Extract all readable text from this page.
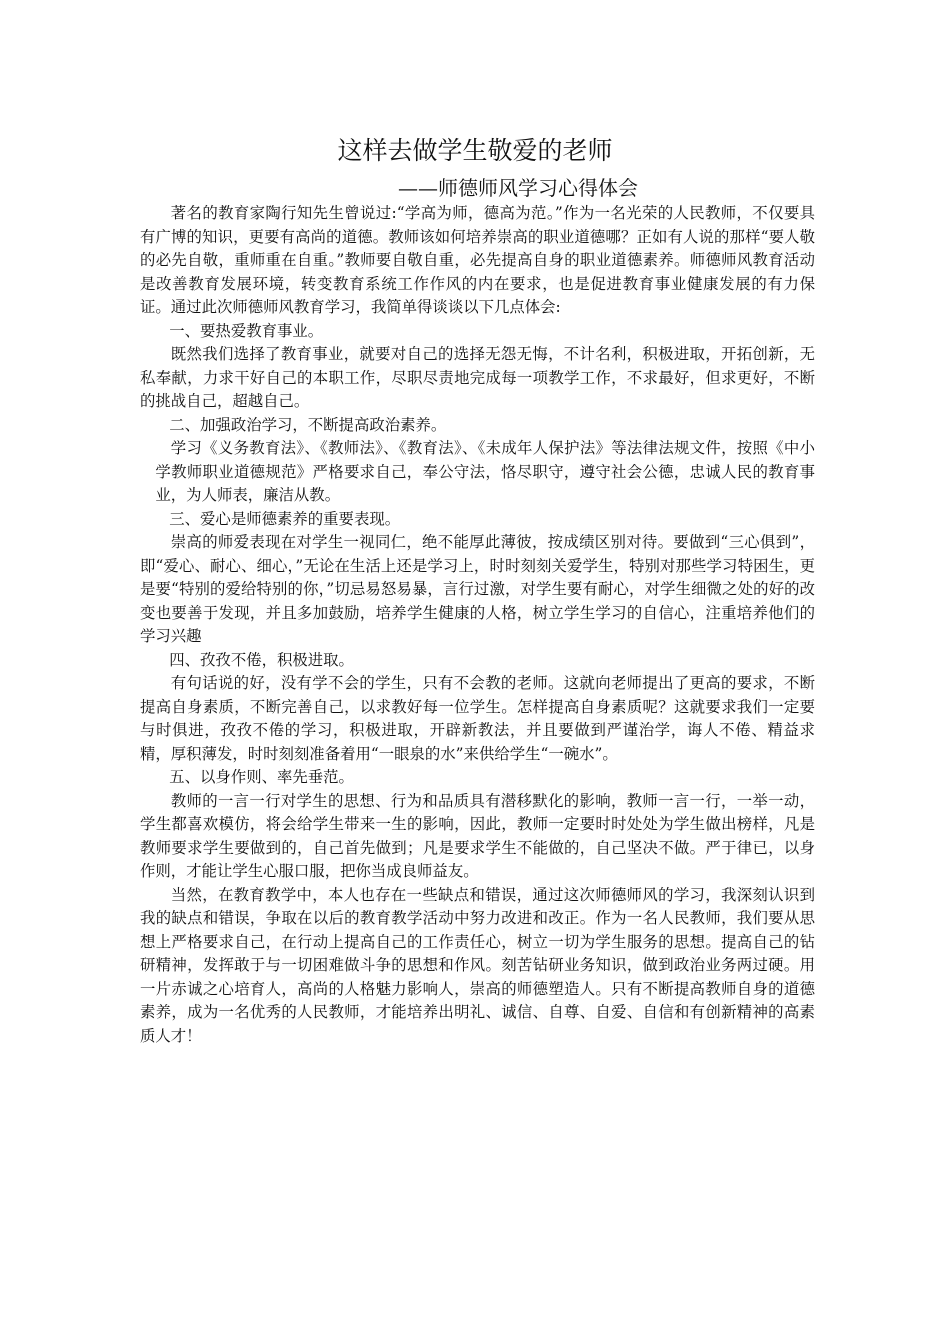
这样去做学生敬爱的老师
——师德师风学习心得体会

著名的教育家陶行知先生曾说过:“学高为师，德高为范。”作为一名光荣的人民教师，不仅要具有广博的知识，更要有高尚的道德。教师该如何培养崇高的职业道德哪？正如有人说的那样“要人敬的必先自敬，重师重在自重。”教师要自敬自重，必先提高自身的职业道德素养。师德师风教育活动是改善教育发展环境，转变教育系统工作作风的内在要求，也是促进教育事业健康发展的有力保证。通过此次师德师风教育学习，我简单得谈谈以下几点体会:

一、要热爱教育事业。

既然我们选择了教育事业，就要对自己的选择无怨无悔，不计名利，积极进取，开拓创新，无私奉献，力求干好自己的本职工作，尽职尽责地完成每一项教学工作，不求最好，但求更好，不断的挑战自己，超越自己。

二、加强政治学习，不断提高政治素养。

学习《义务教育法》、《教师法》、《教育法》、《未成年人保护法》等法律法规文件，按照《中小学教师职业道德规范》严格要求自己，奉公守法，恪尽职守，遵守社会公德，忠诚人民的教育事业，为人师表，廉洁从教。

三、爱心是师德素养的重要表现。

崇高的师爱表现在对学生一视同仁，绝不能厚此薄彼，按成绩区别对待。要做到“三心俱到”，即“爱心、耐心、细心，”无论在生活上还是学习上，时时刻刻关爱学生，特别对那些学习特困生，更是要“特别的爱给特别的你，”切忌易怒易暴，言行过激，对学生要有耐心，对学生细微之处的好的改变也要善于发现，并且多加鼓励，培养学生健康的人格，树立学生学习的自信心，注重培养他们的学习兴趣

四、孜孜不倦，积极进取。

有句话说的好，没有学不会的学生，只有不会教的老师。这就向老师提出了更高的要求，不断提高自身素质，不断完善自己，以求教好每一位学生。怎样提高自身素质呢？这就要求我们一定要与时俱进，孜孜不倦的学习，积极进取，开辟新教法，并且要做到严谨治学，诲人不倦、精益求精，厚积薄发，时时刻刻准备着用“一眼泉的水”来供给学生“一碗水”。

五、以身作则、率先垂范。

教师的一言一行对学生的思想、行为和品质具有潜移默化的影响，教师一言一行，一举一动，学生都喜欢模仿，将会给学生带来一生的影响，因此，教师一定要时时处处为学生做出榜样，凡是教师要求学生要做到的，自己首先做到；凡是要求学生不能做的，自己坚决不做。严于律已，以身作则，才能让学生心服口服，把你当成良师益友。

当然，在教育教学中，本人也存在一些缺点和错误，通过这次师德师风的学习，我深刻认识到我的缺点和错误，争取在以后的教育教学活动中努力改进和改正。作为一名人民教师，我们要从思想上严格要求自己，在行动上提高自己的工作责任心，树立一切为学生服务的思想。提高自己的钻研精神，发挥敢于与一切困难做斗争的思想和作风。刻苦钻研业务知识，做到政治业务两过硬。用一片赤诚之心培育人，高尚的人格魅力影响人，崇高的师德塑造人。只有不断提高教师自身的道德素养，成为一名优秀的人民教师，才能培养出明礼、诚信、自尊、自爱、自信和有创新精神的高素质人才！
